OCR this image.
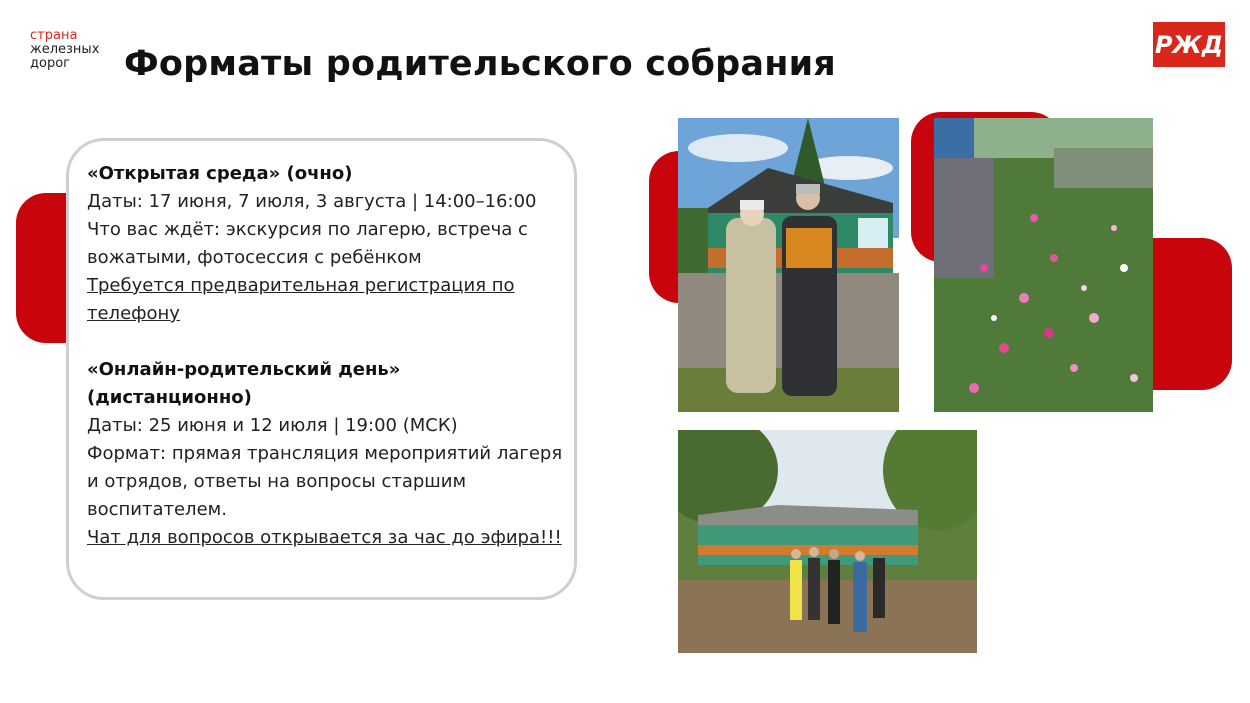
страна
железных
дорог	Форматы родительского собрания	РЖД
«Открытая среда» (очно)
Даты: 17 июня, 7 июля, 3 августа | 14:00–16:00
Что вас ждёт: экскурсия по лагерю, встреча с вожатыми, фотосессия с ребёнком
Требуется предварительная регистрация по телефону
«Онлайн-родительский день» (дистанционно)
Даты: 25 июня и 12 июля | 19:00 (МСК)
Формат: прямая трансляция мероприятий лагеря и отрядов, ответы на вопросы старшим воспитателем.
Чат для вопросов открывается за час до эфира!!!
